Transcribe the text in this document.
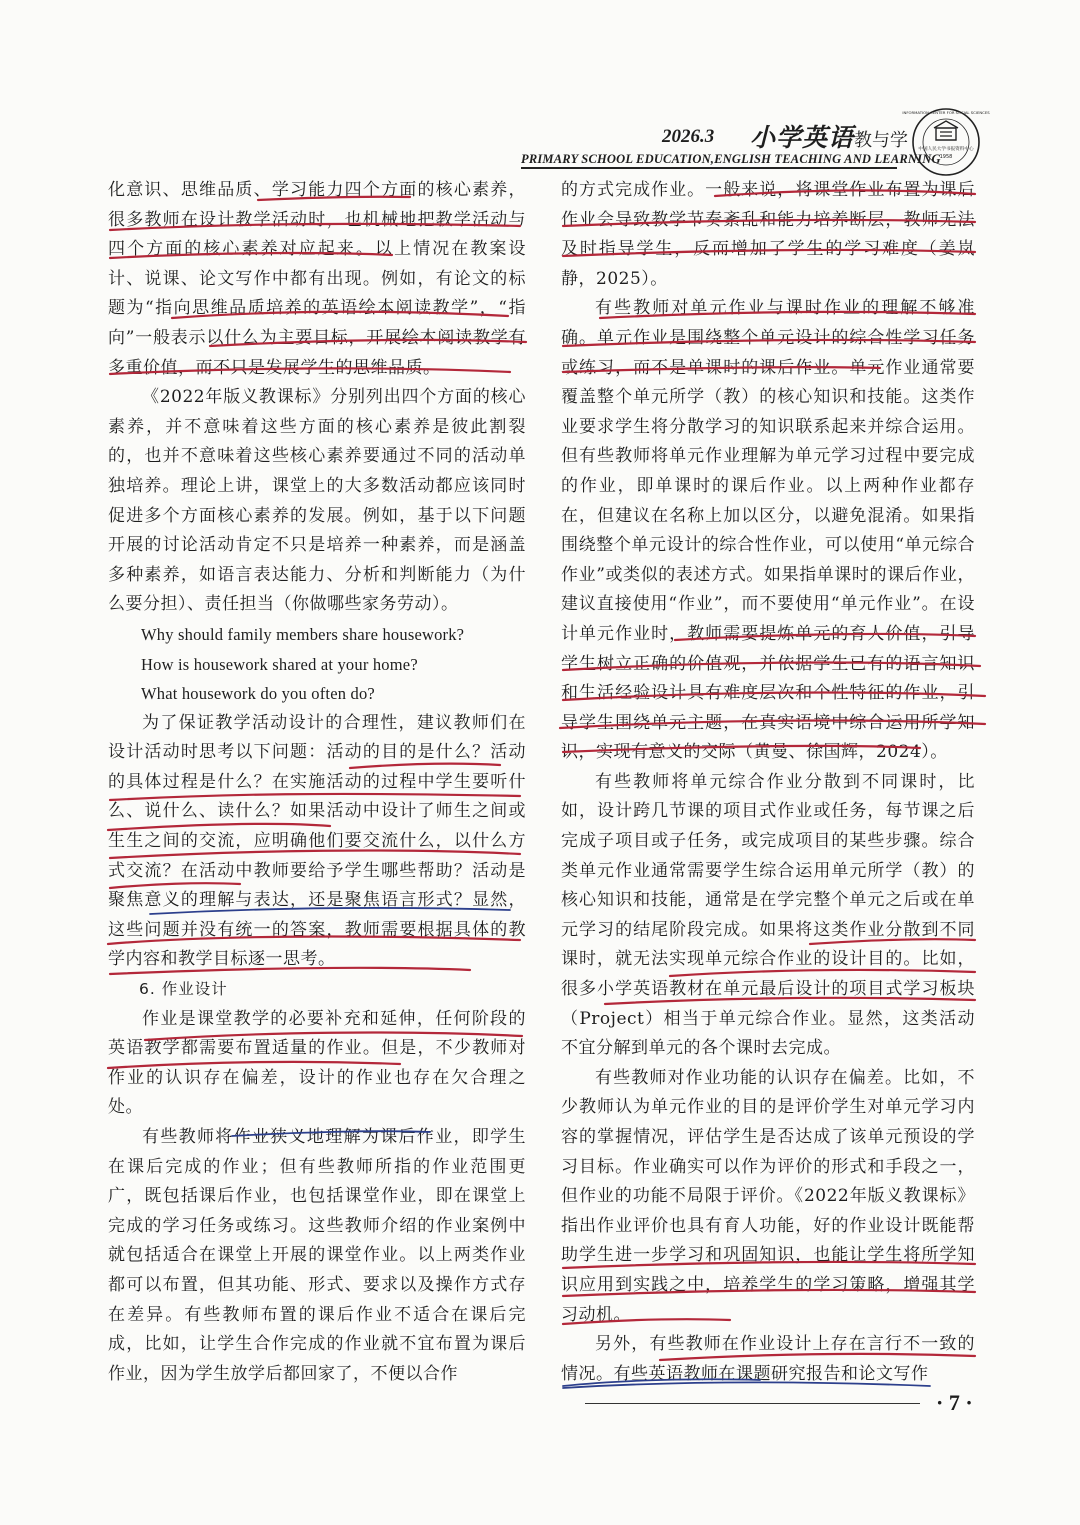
2026.3 小学英语教与学
PRIMARY SCHOOL EDUCATION,ENGLISH TEACHING AND LEARNING
中国人民大学书报资料中心
1958
INFORMATION CENTER FOR SOCIAL SCIENCES

化意识、思维品质、学习能力四个方面的核心素养，很多教师在设计教学活动时，也机械地把教学活动与四个方面的核心素养对应起来。以上情况在教案设计、说课、论文写作中都有出现。例如，有论文的标题为“指向思维品质培养的英语绘本阅读教学”，“指向”一般表示以什么为主要目标，开展绘本阅读教学有多重价值，而不只是发展学生的思维品质。

《2022年版义教课标》分别列出四个方面的核心素养，并不意味着这些方面的核心素养是彼此割裂的，也并不意味着这些核心素养要通过不同的活动单独培养。理论上讲，课堂上的大多数活动都应该同时促进多个方面核心素养的发展。例如，基于以下问题开展的讨论活动肯定不只是培养一种素养，而是涵盖多种素养，如语言表达能力、分析和判断能力（为什么要分担）、责任担当（你做哪些家务劳动）。

Why should family members share housework?

How is housework shared at your home?

What housework do you often do?

为了保证教学活动设计的合理性，建议教师们在设计活动时思考以下问题：活动的目的是什么？活动的具体过程是什么？在实施活动的过程中学生要听什么、说什么、读什么？如果活动中设计了师生之间或生生之间的交流，应明确他们要交流什么，以什么方式交流？在活动中教师要给予学生哪些帮助？活动是聚焦意义的理解与表达，还是聚焦语言形式？显然，这些问题并没有统一的答案，教师需要根据具体的教学内容和教学目标逐一思考。

6. 作业设计

作业是课堂教学的必要补充和延伸，任何阶段的英语教学都需要布置适量的作业。但是，不少教师对作业的认识存在偏差，设计的作业也存在欠合理之处。

有些教师将作业狭义地理解为课后作业，即学生在课后完成的作业；但有些教师所指的作业范围更广，既包括课后作业，也包括课堂作业，即在课堂上完成的学习任务或练习。这些教师介绍的作业案例中就包括适合在课堂上开展的课堂作业。以上两类作业都可以布置，但其功能、形式、要求以及操作方式存在差异。有些教师布置的课后作业不适合在课后完成，比如，让学生合作完成的作业就不宜布置为课后作业，因为学生放学后都回家了，不便以合作

的方式完成作业。一般来说，将课堂作业布置为课后作业会导致教学节奏紊乱和能力培养断层，教师无法及时指导学生，反而增加了学生的学习难度（姜岚静，2025）。

有些教师对单元作业与课时作业的理解不够准确。单元作业是围绕整个单元设计的综合性学习任务或练习，而不是单课时的课后作业。单元作业通常要覆盖整个单元所学（教）的核心知识和技能。这类作业要求学生将分散学习的知识联系起来并综合运用。但有些教师将单元作业理解为单元学习过程中要完成的作业，即单课时的课后作业。以上两种作业都存在，但建议在名称上加以区分，以避免混淆。如果指围绕整个单元设计的综合性作业，可以使用“单元综合作业”或类似的表述方式。如果指单课时的课后作业，建议直接使用“作业”，而不要使用“单元作业”。在设计单元作业时，教师需要提炼单元的育人价值，引导学生树立正确的价值观，并依据学生已有的语言知识和生活经验设计具有难度层次和个性特征的作业，引导学生围绕单元主题，在真实语境中综合运用所学知识，实现有意义的交际（黄曼、徐国辉，2024）。

有些教师将单元综合作业分散到不同课时，比如，设计跨几节课的项目式作业或任务，每节课之后完成子项目或子任务，或完成项目的某些步骤。综合类单元作业通常需要学生综合运用单元所学（教）的核心知识和技能，通常是在学完整个单元之后或在单元学习的结尾阶段完成。如果将这类作业分散到不同课时，就无法实现单元综合作业的设计目的。比如，很多小学英语教材在单元最后设计的项目式学习板块（Project）相当于单元综合作业。显然，这类活动不宜分解到单元的各个课时去完成。

有些教师对作业功能的认识存在偏差。比如，不少教师认为单元作业的目的是评价学生对单元学习内容的掌握情况，评估学生是否达成了该单元预设的学习目标。作业确实可以作为评价的形式和手段之一，但作业的功能不局限于评价。《2022年版义教课标》指出作业评价也具有育人功能，好的作业设计既能帮助学生进一步学习和巩固知识，也能让学生将所学知识应用到实践之中，培养学生的学习策略，增强其学习动机。

另外，有些教师在作业设计上存在言行不一致的情况。有些英语教师在课题研究报告和论文写作

· 7 ·
